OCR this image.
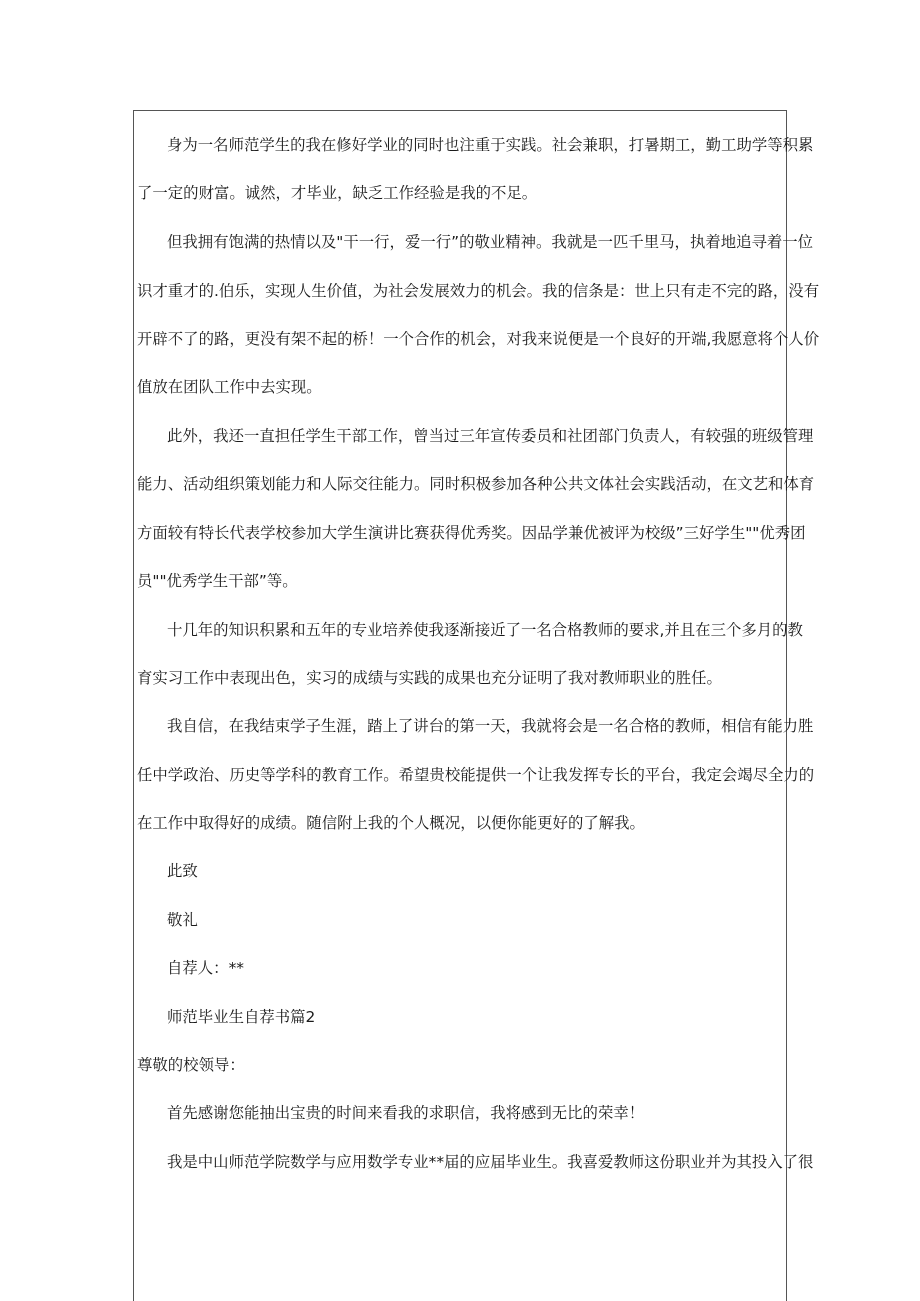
身为一名师范学生的我在修好学业的同时也注重于实践。社会兼职，打暑期工，勤工助学等积累
了一定的财富。诚然，才毕业，缺乏工作经验是我的不足。
但我拥有饱满的热情以及"干一行，爱一行”的敬业精神。我就是一匹千里马，执着地追寻着一位
识才重才的.伯乐，实现人生价值，为社会发展效力的机会。我的信条是：世上只有走不完的路，没有
开辟不了的路，更没有架不起的桥！一个合作的机会，对我来说便是一个良好的开端,我愿意将个人价
值放在团队工作中去实现。
此外，我还一直担任学生干部工作，曾当过三年宣传委员和社团部门负责人，有较强的班级管理
能力、活动组织策划能力和人际交往能力。同时积极参加各种公共文体社会实践活动，在文艺和体育
方面较有特长代表学校参加大学生演讲比赛获得优秀奖。因品学兼优被评为校级”三好学生""优秀团
员""优秀学生干部”等。
十几年的知识积累和五年的专业培养使我逐渐接近了一名合格教师的要求,并且在三个多月的教
育实习工作中表现出色，实习的成绩与实践的成果也充分证明了我对教师职业的胜任。
我自信，在我结束学子生涯，踏上了讲台的第一天，我就将会是一名合格的教师，相信有能力胜
任中学政治、历史等学科的教育工作。希望贵校能提供一个让我发挥专长的平台，我定会竭尽全力的
在工作中取得好的成绩。随信附上我的个人概况，以便你能更好的了解我。
此致
敬礼
自荐人：**
师范毕业生自荐书篇2
尊敬的校领导：
首先感谢您能抽出宝贵的时间来看我的求职信，我将感到无比的荣幸！
我是中山师范学院数学与应用数学专业**届的应届毕业生。我喜爱教师这份职业并为其投入了很
